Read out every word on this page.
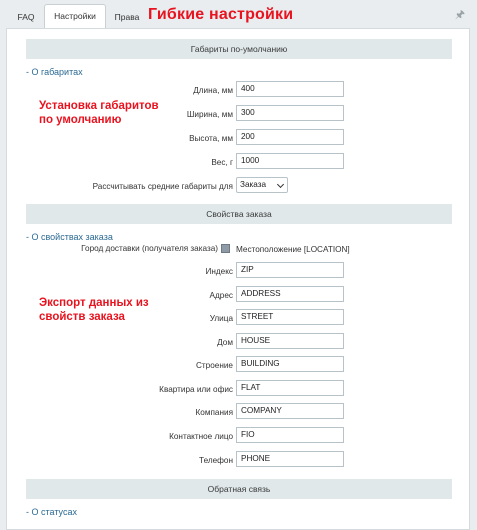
FAQ	Настройки	Права Гибкие настройки	🖈
Габариты по-умолчанию
- О габаритах
Установка габаритов
по умолчанию
Длина, мм 400
Ширина, мм 300
Высота, мм 200
Вес, г 1000
Рассчитывать средние габариты для Заказа
Свойства заказа
- О свойствах заказа
Город доставки (получателя заказа)	Местоположение [LOCATION]
Экспорт данных из
свойств заказа
Индекс ZIP
Адрес ADDRESS
Улица STREET
Дом HOUSE
Строение BUILDING
Квартира или офис FLAT
Компания COMPANY
Контактное лицо FIO
Телефон PHONE
Обратная связь
- О статусах
